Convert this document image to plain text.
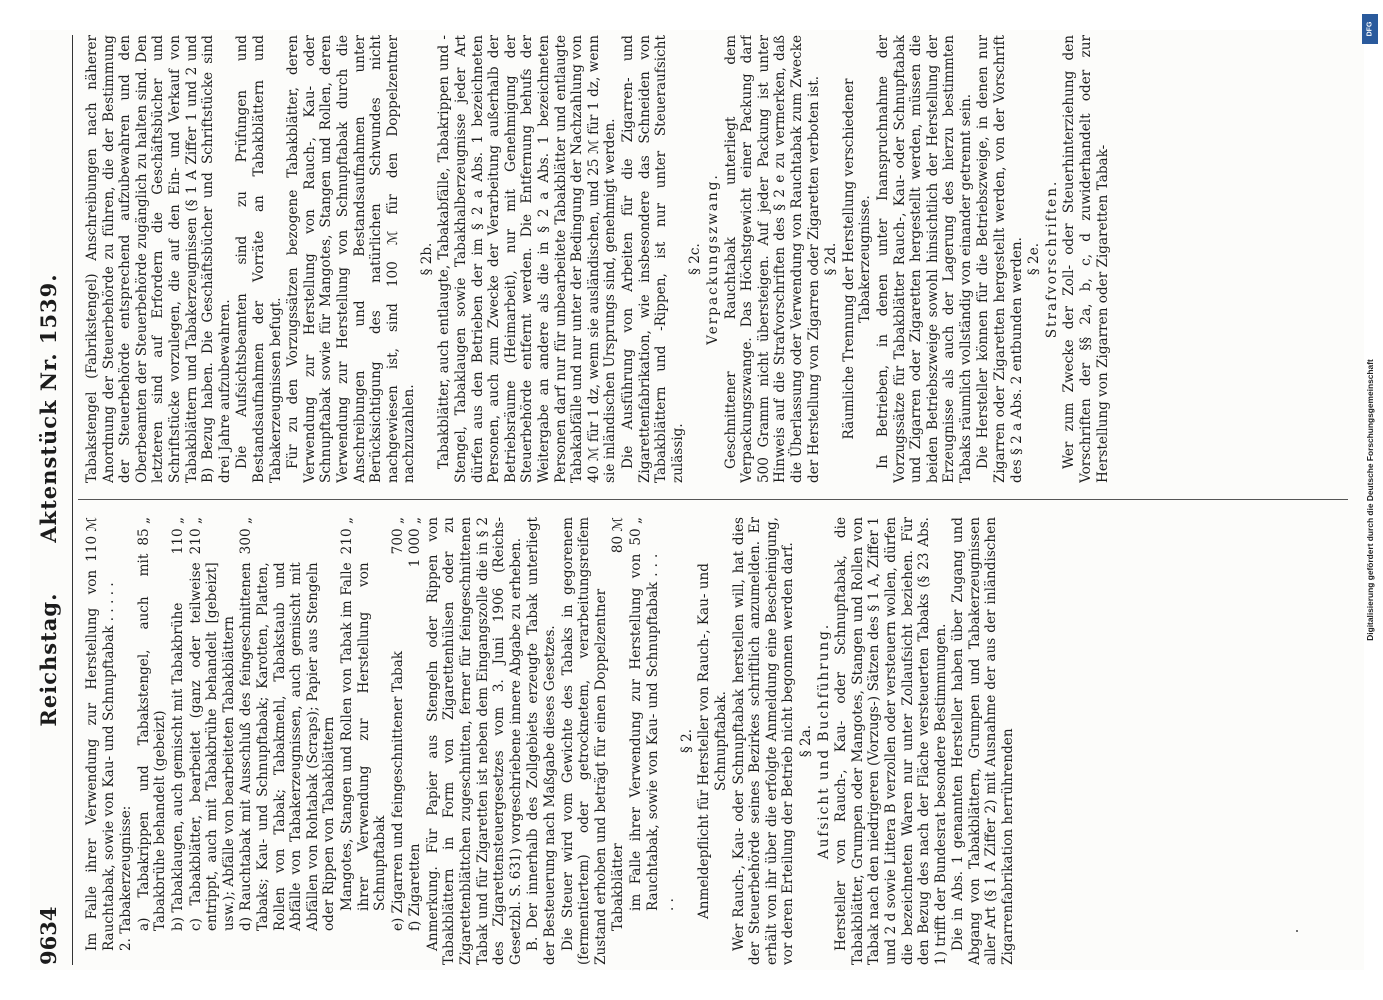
9634
Reichstag.      Aktenstück Nr. 1539.

Im Falle ihrer Verwendung zur Herstellung von Rauchtabak, sowie von Kau- und Schnupftabak . . . . .
110 ℳ

2. Tabakerzeugnisse: a) Tabakrippen und Tabakstengel, auch mit Tabakbrühe behandelt (gebeizt)
85 „

b) Tabaklaugen, auch gemischt mit Tabakbrühe
110 „

c) Tabakblätter, bearbeitet (ganz oder teilweise entrippt, auch mit Tabakbrühe behandelt [gebeizt] usw.); Abfälle von bearbeiteten Tabakblättern
210 „

d) Rauchtabak mit Ausschluß des feingeschnittenen Tabaks; Kau- und Schnupftabak; Karotten, Platten, Rollen von Tabak; Tabakmehl, Tabakstaub und Abfälle von Tabakerzeugnissen, auch gemischt mit Abfällen von Rohtabak (Scraps); Papier aus Stengeln oder Rippen von Tabakblättern
300 „

Mangotes, Stangen und Rollen von Tabak im Falle ihrer Verwendung zur Herstellung von Schnupftabak
210 „

e) Zigarren und feingeschnittener Tabak
700 „

f) Zigaretten
1 000 „ Anmerkung. Für Papier aus Stengeln oder Rippen von Tabakblättern in Form von Zigarettenhülsen oder zu Zigarettenblättchen zugeschnitten, ferner für feingeschnittenen Tabak und für Zigaretten ist neben dem Eingangszolle die in § 2 des Zigarettensteuergesetzes vom 3. Juni 1906 (Reichs-Gesetzbl. S. 631) vorgeschriebene innere Abgabe zu erheben. B. Der innerhalb des Zollgebiets erzeugte Tabak unterliegt der Besteuerung nach Maßgabe dieses Gesetzes. Die Steuer wird vom Gewichte des Tabaks in gegorenem (fermentiertem) oder getrocknetem, verarbeitungsreifem Zustand erhoben und beträgt für einen Doppelzentner Tabakblätter
80 ℳ

im Falle ihrer Verwendung zur Herstellung von Rauchtabak, sowie von Kau- und Schnupftabak . . . . .
50 „

§ 2. Anmeldepflicht für Hersteller von Rauch-, Kau- und Schnupftabak. Wer Rauch-, Kau- oder Schnupftabak herstellen will, hat dies der Steuerbehörde seines Bezirkes schriftlich anzumelden. Er erhält von ihr über die erfolgte Anmeldung eine Bescheinigung, vor deren Erteilung der Betrieb nicht begonnen werden darf. § 2a. Aufsicht und Buchführung. Hersteller von Rauch-, Kau- oder Schnupftabak, die Tabakblätter, Grumpen oder Mangotes, Stangen und Rollen von Tabak nach den niedrigeren (Vorzugs-) Sätzen des § 1 A, Ziffer 1 und 2 d sowie Littera B verzollen oder versteuern wollen, dürfen die bezeichneten Waren nur unter Zollaufsicht beziehen. Für den Bezug des nach der Fläche versteuerten Tabaks (§ 23 Abs. 1) trifft der Bundesrat besondere Bestimmungen. Die in Abs. 1 genannten Hersteller haben über Zugang und Abgang von Tabakblättern, Grumpen und Tabakerzeugnissen aller Art (§ 1 A Ziffer 2) mit Ausnahme der aus der inländischen Zigarrenfabrikation herrührenden

Tabakstengel (Fabrikstengel) Anschreibungen nach näherer Anordnung der Steuerbehörde zu führen, die der Bestimmung der Steuerbehörde entsprechend aufzubewahren und den Oberbeamten der Steuerbehörde zugänglich zu halten sind. Den letzteren sind auf Erfordern die Geschäftsbücher und Schriftstücke vorzulegen, die auf den Ein- und Verkauf von Tabakblättern und Tabakerzeugnissen (§ 1 A Ziffer 1 und 2 und B) Bezug haben. Die Geschäftsbücher und Schriftstücke sind drei Jahre aufzubewahren. Die Aufsichtsbeamten sind zu Prüfungen und Bestandsaufnahmen der Vorräte an Tabakblättern und Tabakerzeugnissen befugt. Für zu den Vorzugssätzen bezogene Tabakblätter, deren Verwendung zur Herstellung von Rauch-, Kau- oder Schnupftabak sowie für Mangotes, Stangen und Rollen, deren Verwendung zur Herstellung von Schnupftabak durch die Anschreibungen und Bestandsaufnahmen unter Berücksichtigung des natürlichen Schwundes nicht nachgewiesen ist, sind 100 ℳ für den Doppelzentner nachzuzahlen.

§ 2b. Tabakblätter, auch entlaugte, Tabakabfälle, Tabakrippen und -Stengel, Tabaklaugen sowie Tabakhalberzeugnisse jeder Art dürfen aus den Betrieben der im § 2 a Abs. 1 bezeichneten Personen, auch zum Zwecke der Verarbeitung außerhalb der Betriebsräume (Heimarbeit), nur mit Genehmigung der Steuerbehörde entfernt werden. Die Entfernung behufs der Weitergabe an andere als die in § 2 a Abs. 1 bezeichneten Personen darf nur für unbearbeitete Tabakblätter und entlaugte Tabakabfälle und nur unter der Bedingung der Nachzahlung von 40 ℳ für 1 dz, wenn sie ausländischen, und 25 ℳ für 1 dz, wenn sie inländischen Ursprungs sind, genehmigt werden. Die Ausführung von Arbeiten für die Zigarren- und Zigarettenfabrikation, wie insbesondere das Schneiden von Tabakblättern und -Rippen, ist nur unter Steueraufsicht zulässig.

§ 2c. Verpackungszwang. Geschnittener Rauchtabak unterliegt dem Verpackungszwange. Das Höchstgewicht einer Packung darf 500 Gramm nicht übersteigen. Auf jeder Packung ist unter Hinweis auf die Strafvorschriften des § 2 e zu vermerken, daß die Überlassung oder Verwendung von Rauchtabak zum Zwecke der Herstellung von Zigarren oder Zigaretten verboten ist. § 2d. Räumliche Trennung der Herstellung verschiedener Tabakerzeugnisse. In Betrieben, in denen unter Inanspruchnahme der Vorzugssätze für Tabakblätter Rauch-, Kau- oder Schnupftabak und Zigarren oder Zigaretten hergestellt werden, müssen die beiden Betriebszweige sowohl hinsichtlich der Herstellung der Erzeugnisse als auch der Lagerung des hierzu bestimmten Tabaks räumlich vollständig von einander getrennt sein. Die Hersteller können für die Betriebszweige, in denen nur Zigarren oder Zigaretten hergestellt werden, von der Vorschrift des § 2 a Abs. 2 entbunden werden. § 2e. Strafvorschriften. Wer zum Zwecke der Zoll- oder Steuerhinterziehung den Vorschriften der §§ 2a, b, c, d zuwiderhandelt oder zur Herstellung von Zigarren oder Zigaretten Tabak-

DFG
Digitalisierung gefördert durch die Deutsche Forschungsgemeinschaft
